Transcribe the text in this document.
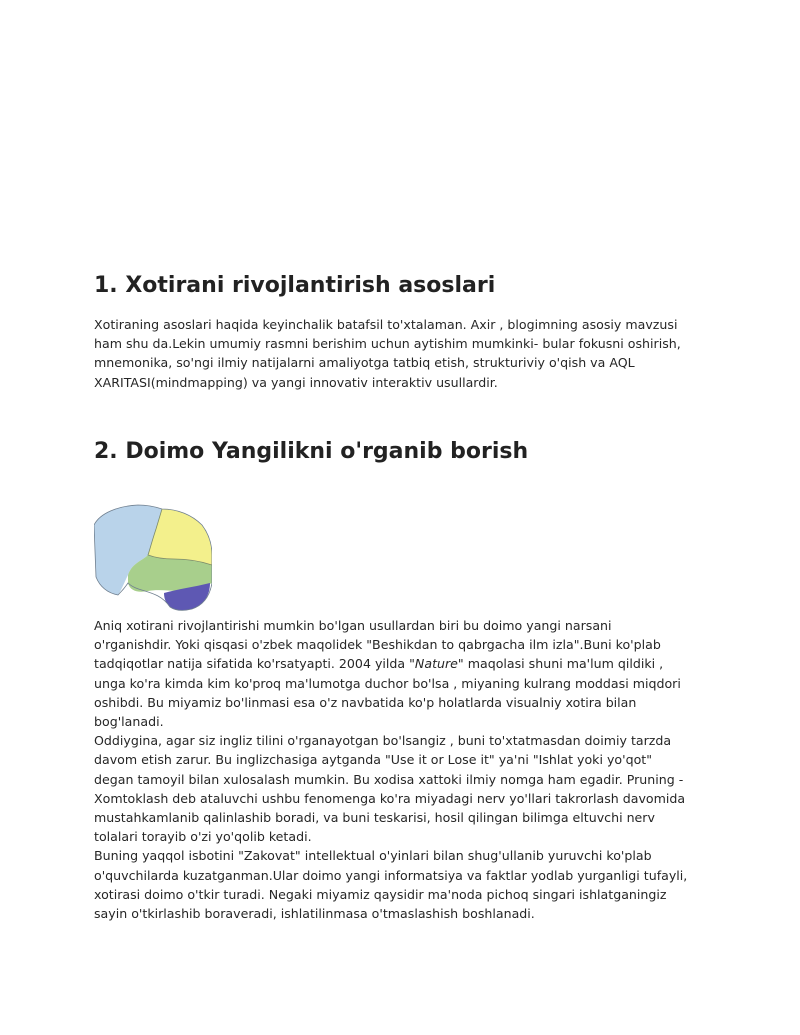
1. Xotirani rivojlantirish asoslari
Xotiraning asoslari haqida keyinchalik batafsil to'xtalaman. Axir , blogimning asosiy mavzusi
ham shu da.Lekin umumiy rasmni berishim uchun aytishim mumkinki- bular fokusni oshirish,
mnemonika, so'ngi ilmiy natijalarni amaliyotga tatbiq etish, strukturiviy o'qish va AQL
XARITASI(mindmapping) va yangi innovativ interaktiv usullardir.
2. Doimo Yangilikni o'rganib borish
Aniq xotirani rivojlantirishi mumkin bo'lgan usullardan biri bu doimo yangi narsani
o'rganishdir. Yoki qisqasi o'zbek maqolidek "Beshikdan to qabrgacha ilm izla".Buni ko'plab
tadqiqotlar natija sifatida ko'rsatyapti. 2004 yilda "Nature" maqolasi shuni ma'lum qildiki ,
unga ko'ra kimda kim ko'proq ma'lumotga duchor bo'lsa , miyaning kulrang moddasi miqdori
oshibdi. Bu miyamiz bo'linmasi esa o'z navbatida ko'p holatlarda visualniy xotira bilan
bog'lanadi.
Oddiygina, agar siz ingliz tilini o'rganayotgan bo'lsangiz , buni to'xtatmasdan doimiy tarzda
davom etish zarur. Bu inglizchasiga aytganda "Use it or Lose it" ya'ni "Ishlat yoki yo'qot"
degan tamoyil bilan xulosalash mumkin. Bu xodisa xattoki ilmiy nomga ham egadir. Pruning -
Xomtoklash deb ataluvchi ushbu fenomenga ko'ra miyadagi nerv yo'llari takrorlash davomida
mustahkamlanib qalinlashib boradi, va buni teskarisi, hosil qilingan bilimga eltuvchi nerv
tolalari torayib o'zi yo'qolib ketadi.
Buning yaqqol isbotini "Zakovat" intellektual o'yinlari bilan shug'ullanib yuruvchi ko'plab
o'quvchilarda kuzatganman.Ular doimo yangi informatsiya va faktlar yodlab yurganligi tufayli,
xotirasi doimo o'tkir turadi. Negaki miyamiz qaysidir ma'noda pichoq singari ishlatganingiz
sayin o'tkirlashib boraveradi, ishlatilinmasa o'tmaslashish boshlanadi.
